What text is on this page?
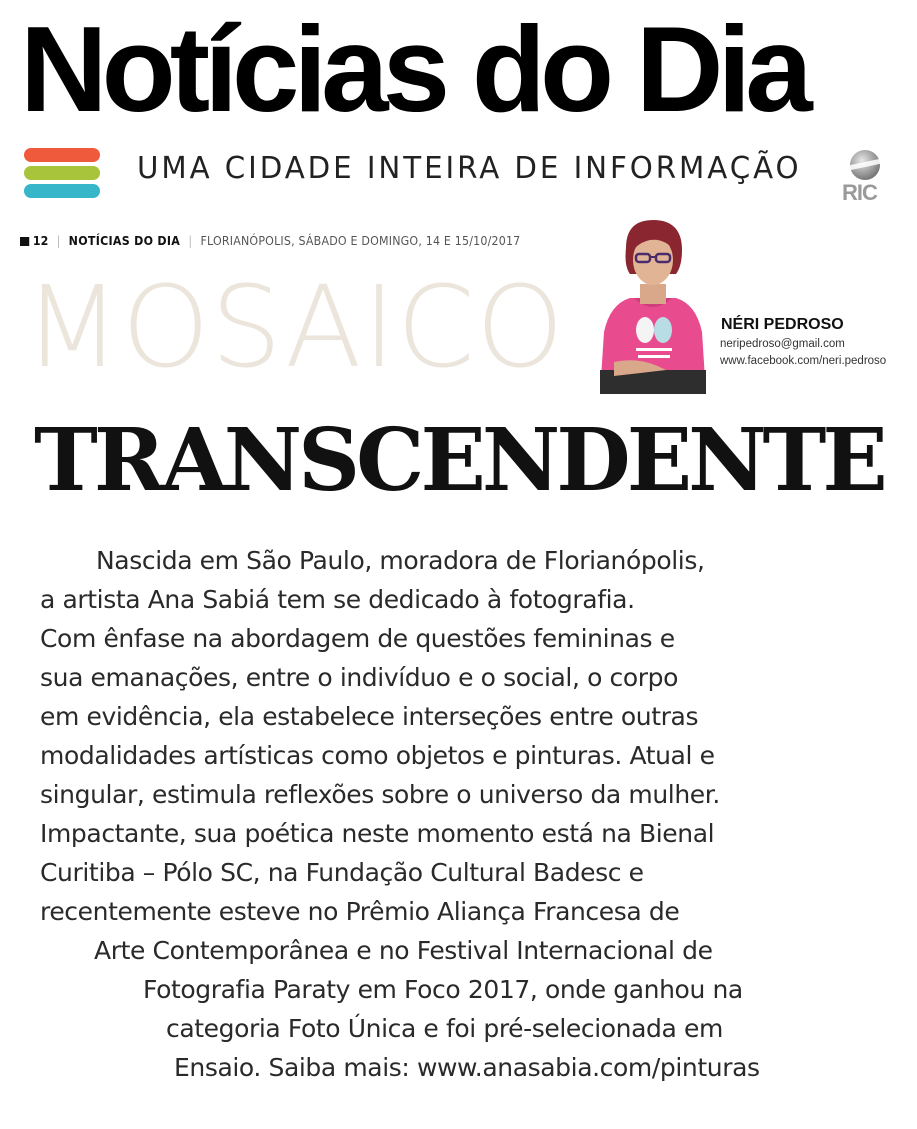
Notícias do Dia
UMA CIDADE INTEIRA DE INFORMAÇÃO
RIC
12 | NOTÍCIAS DO DIA | FLORIANÓPOLIS, SÁBADO E DOMINGO, 14 E 15/10/2017
MOSAICO	NÉRI PEDROSO
neripedroso@gmail.com
www.facebook.com/neri.pedroso
TRANSCENDENTE
Nascida em São Paulo, moradora de Florianópolis,
a artista Ana Sabiá tem se dedicado à fotografia.
Com ênfase na abordagem de questões femininas e
sua emanações, entre o indivíduo e o social, o corpo
em evidência, ela estabelece interseções entre outras
modalidades artísticas como objetos e pinturas. Atual e
singular, estimula reflexões sobre o universo da mulher.
Impactante, sua poética neste momento está na Bienal
Curitiba – Pólo SC, na Fundação Cultural Badesc e
recentemente esteve no Prêmio Aliança Francesa de
Arte Contemporânea e no Festival Internacional de
Fotografia Paraty em Foco 2017, onde ganhou na
categoria Foto Única e foi pré-selecionada em
Ensaio. Saiba mais: www.anasabia.com/pinturas
